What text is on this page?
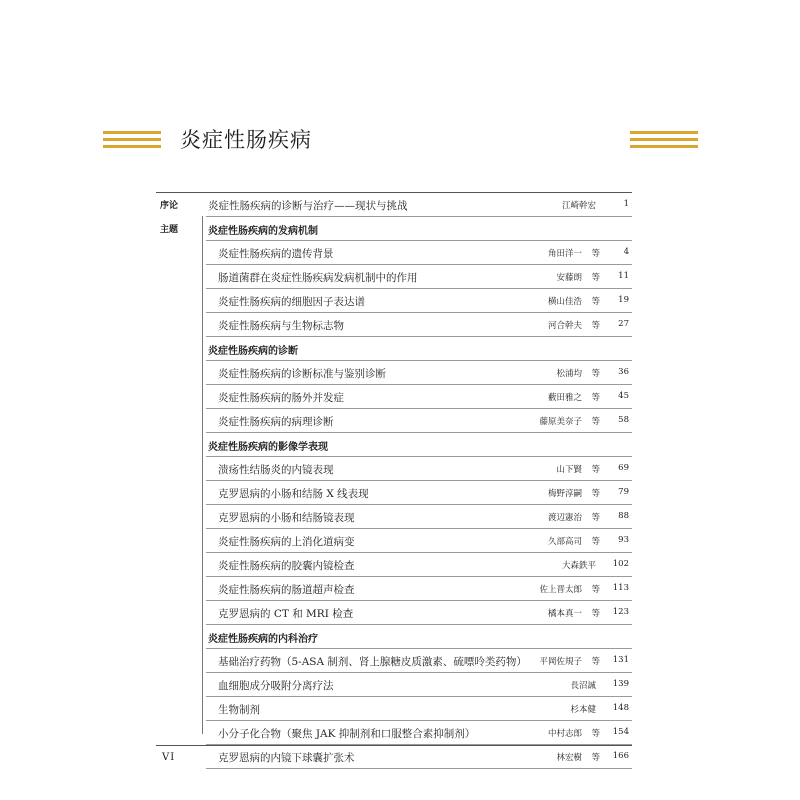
炎症性肠疾病
序论	炎症性肠疾病的诊断与治疗——现状与挑战	江崎幹宏	1
主题	炎症性肠疾病的发病机制
炎症性肠疾病的遗传背景	角田洋一 等	4
肠道菌群在炎症性肠疾病发病机制中的作用	安藤朗 等 11
炎症性肠疾病的细胞因子表达谱	横山佳浩 等 19
炎症性肠疾病与生物标志物	河合幹夫 等 27
炎症性肠疾病的诊断
炎症性肠疾病的诊断标准与鉴别诊断	松浦均 等 36
炎症性肠疾病的肠外并发症	藪田雅之 等 45
炎症性肠疾病的病理诊断	藤原美奈子 等 58
炎症性肠疾病的影像学表现
溃疡性结肠炎的内镜表现	山下賢 等 69
克罗恩病的小肠和结肠 X 线表现	梅野淳嗣 等 79
克罗恩病的小肠和结肠镜表现	渡辺憲治 等 88
炎症性肠疾病的上消化道病变	久部高司 等 93
炎症性肠疾病的胶囊内镜检查	大森鉄平 102
炎症性肠疾病的肠道超声检查	佐上晋太郎 等 113
克罗恩病的 CT 和 MRI 检查	橘本真一 等 123
炎症性肠疾病的内科治疗
基础治疗药物（5-ASA 制剂、肾上腺糖皮质激素、硫嘌呤类药物） 平岡佐規子 等 131
血细胞成分吸附分离疗法	長沼誠 139
生物制剂	杉本健 148
小分子化合物（聚焦 JAK 抑制剂和口服整合素抑制剂）	中村志郎 等 154
克罗恩病的内镜下球囊扩张术	林宏樹 等 166
VI
